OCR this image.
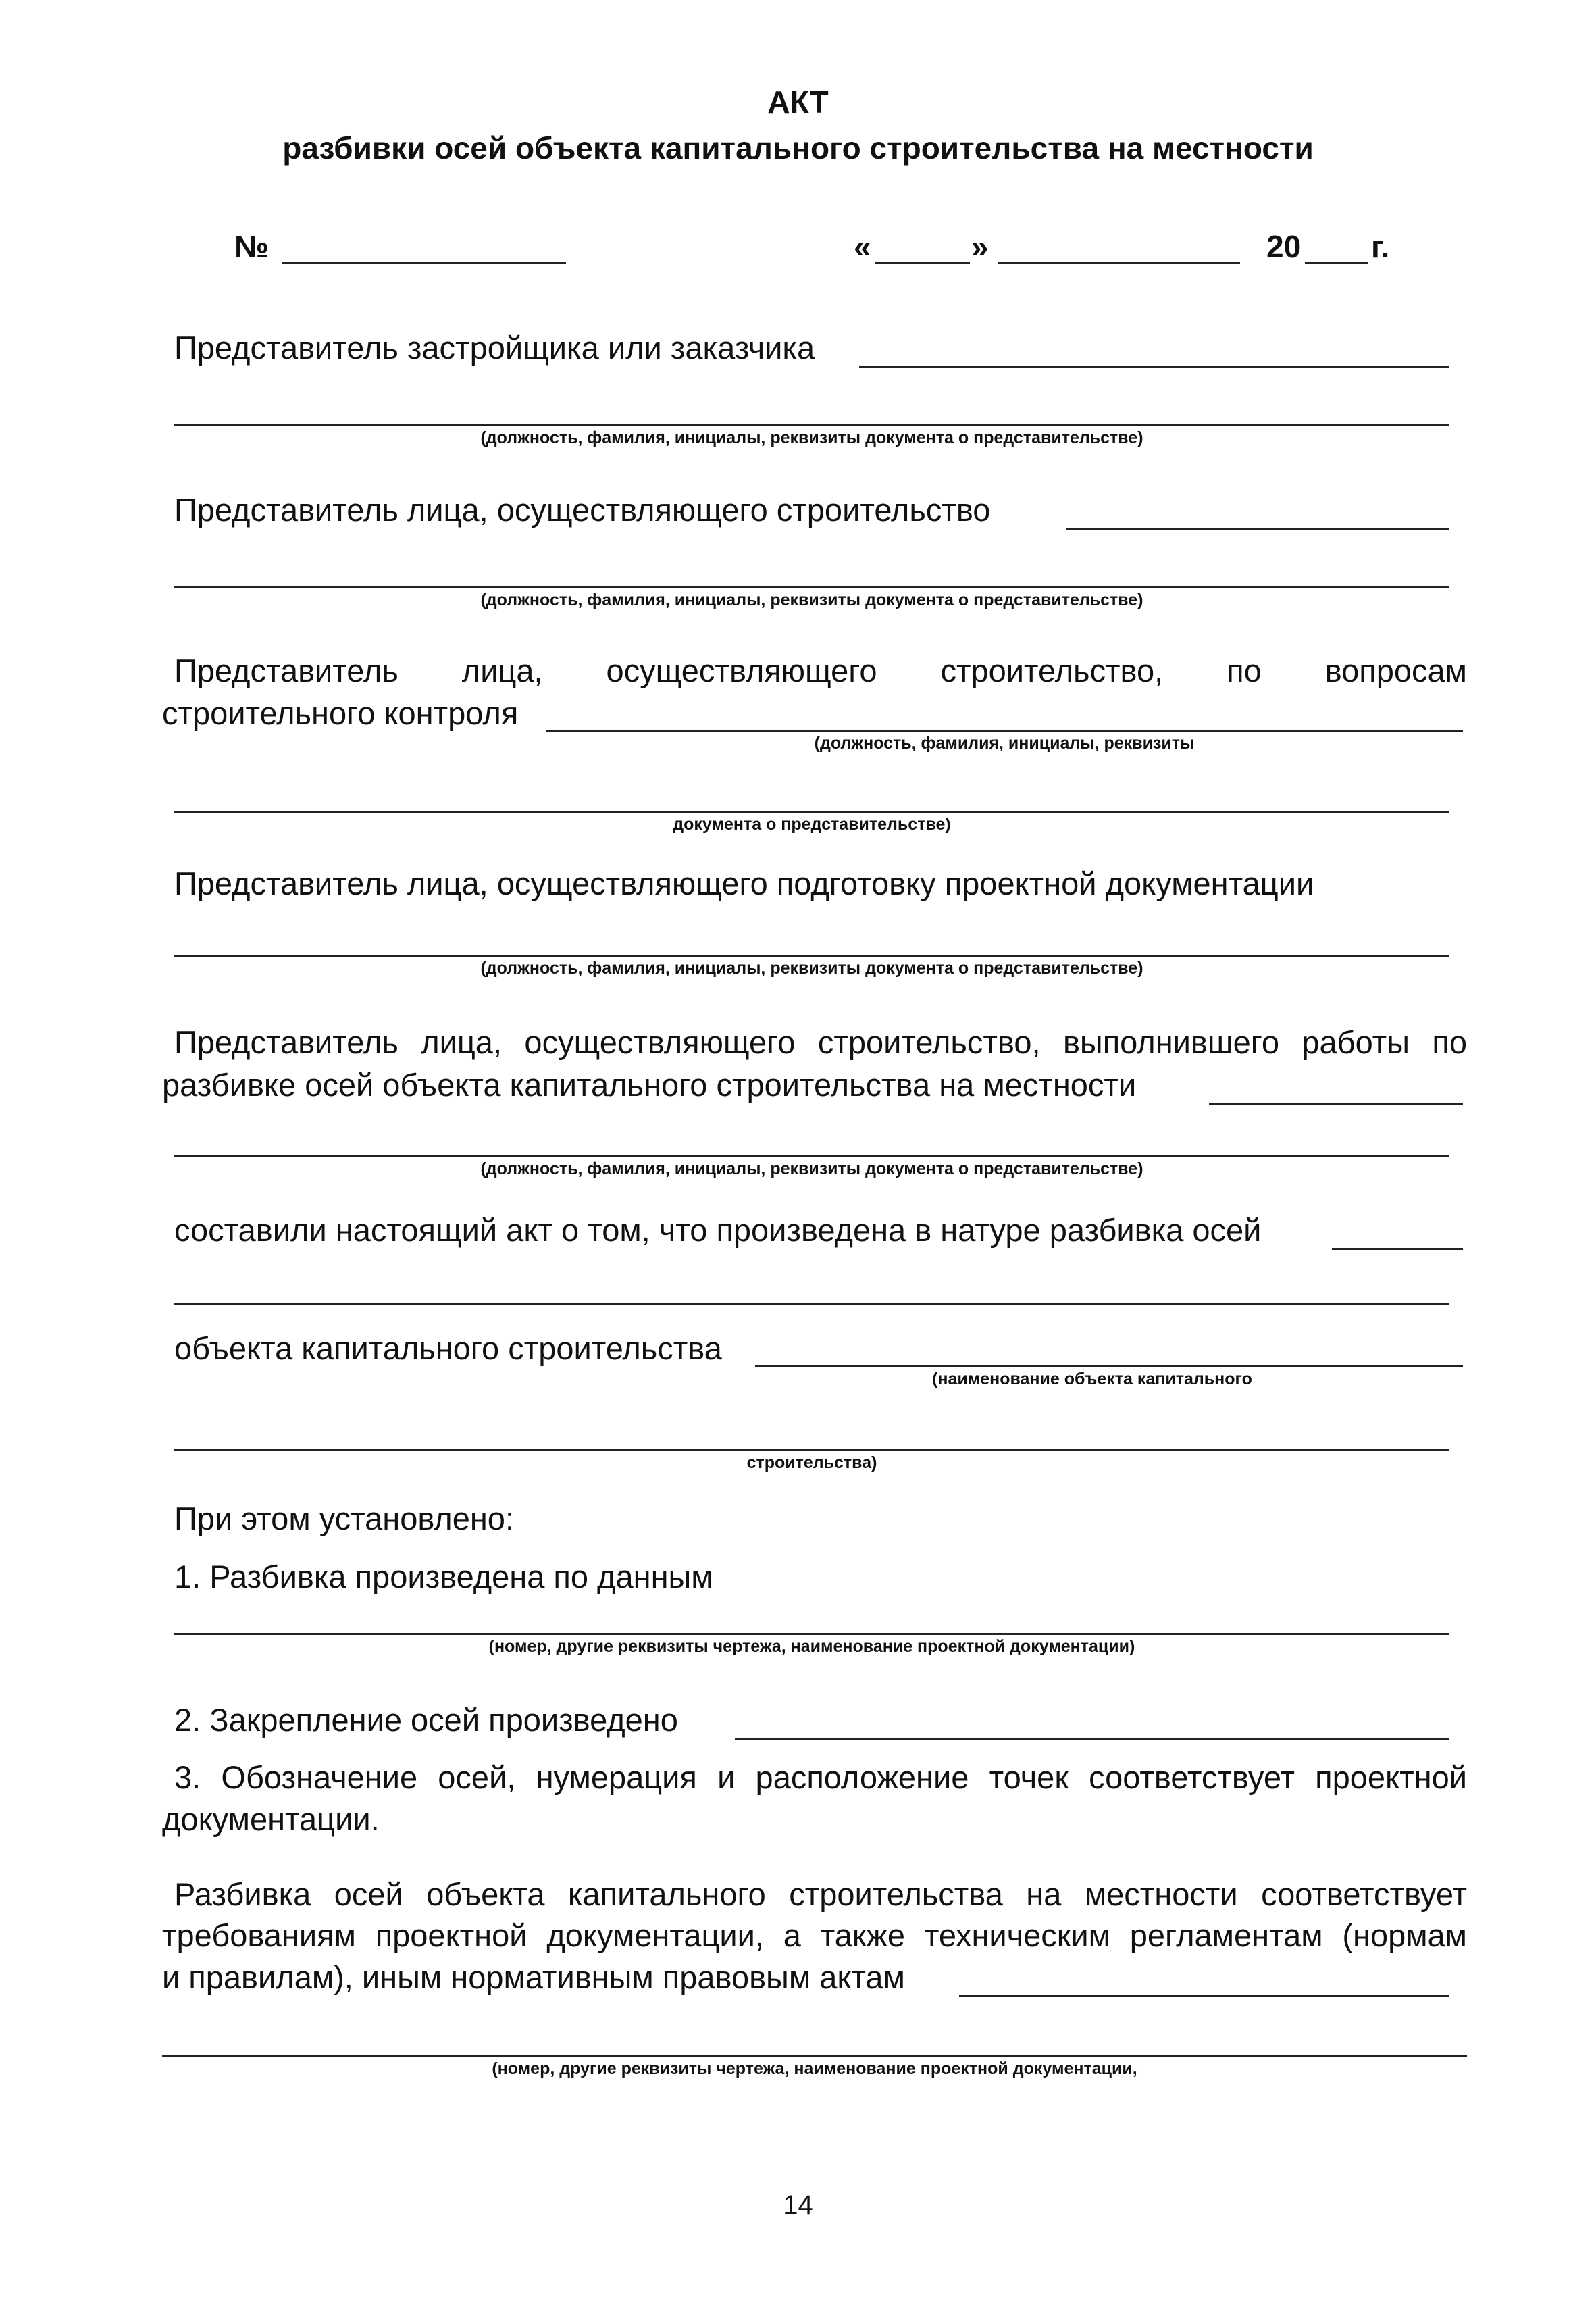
АКТ
разбивки осей объекта капитального строительства на местности
№	«	»	20 г.
Представитель застройщика или заказчика
(должность, фамилия, инициалы, реквизиты документа о представительстве)
Представитель лица, осуществляющего строительство
(должность, фамилия, инициалы, реквизиты документа о представительстве)
Представитель лица, осуществляющего строительство, по вопросам
строительного контроля
(должность, фамилия, инициалы, реквизиты
документа о представительстве)
Представитель лица, осуществляющего подготовку проектной документации
(должность, фамилия, инициалы, реквизиты документа о представительстве)
Представитель лица, осуществляющего строительство, выполнившего работы по
разбивке осей объекта капитального строительства на местности
(должность, фамилия, инициалы, реквизиты документа о представительстве)
составили настоящий акт о том, что произведена в натуре разбивка осей
объекта капитального строительства
(наименование объекта капитального
строительства)
При этом установлено:
1. Разбивка произведена по данным
(номер, другие реквизиты чертежа, наименование проектной документации)
2. Закрепление осей произведено
3. Обозначение осей, нумерация и расположение точек соответствует проектной
документации.
Разбивка осей объекта капитального строительства на местности соответствует
требованиям проектной документации, а также техническим регламентам (нормам
и правилам), иным нормативным правовым актам
(номер, другие реквизиты чертежа, наименование проектной документации,
14
